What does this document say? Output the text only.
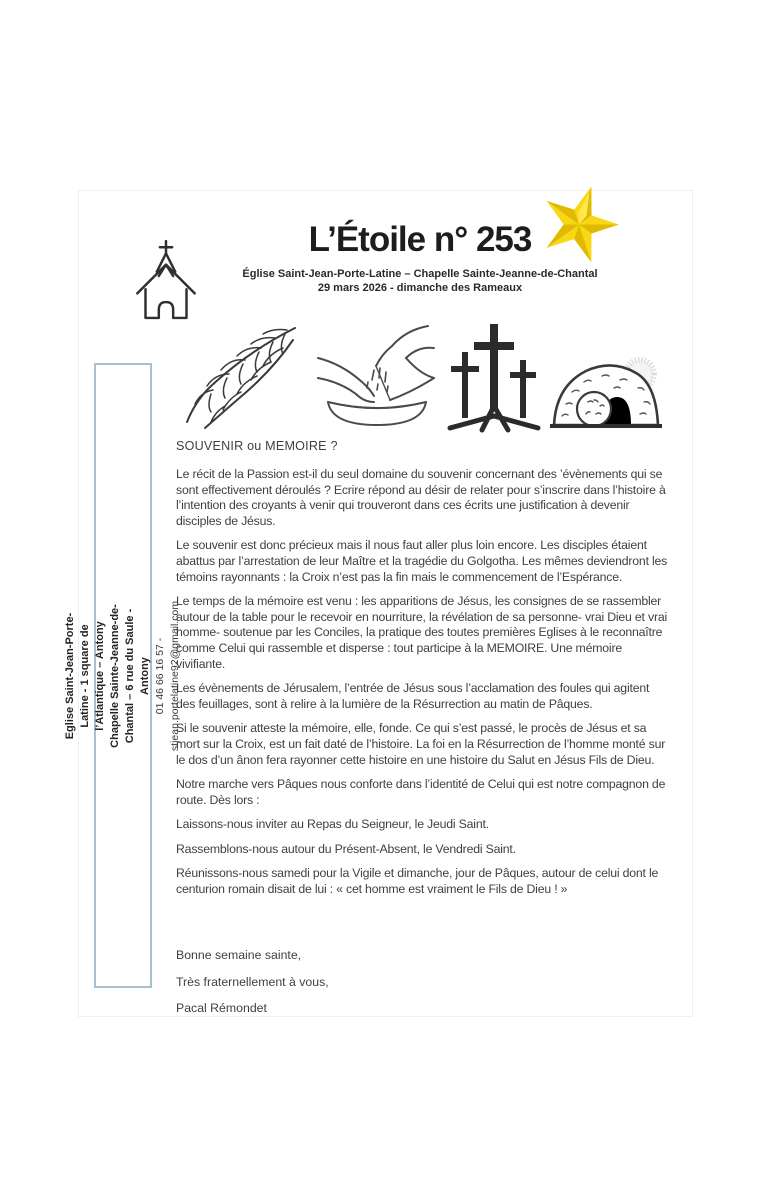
L’Étoile n° 253

Église Saint-Jean-Porte-Latine – Chapelle Sainte-Jeanne-de-Chantal

29 mars 2026 - dimanche des Rameaux

Eglise Saint-Jean-Porte-Latine - 1 square de l’Atlantique – Antony Chapelle Sainte-Jeanne-de-Chantal – 6 rue du Saule - Antony 01 46 66 16 57 - stjean.portelatine92@gmail.com

SOUVENIR ou MEMOIRE ?

Le récit de la Passion est-il du seul domaine du souvenir concernant des ’évènements qui se sont effectivement déroulés ? Ecrire répond au désir de relater pour s’inscrire dans l’histoire à l’intention des croyants à venir qui trouveront dans ces écrits une justification à devenir disciples de Jésus.

Le souvenir est donc précieux mais il nous faut aller plus loin encore. Les disciples étaient abattus par l’arrestation de leur Maître et la tragédie du Golgotha. Les mêmes deviendront les témoins rayonnants : la Croix n’est pas la fin mais le commencement de l’Espérance.

Le temps de la mémoire est venu : les apparitions de Jésus, les consignes de se rassembler autour de la table pour le recevoir en nourriture, la révélation de sa personne- vrai Dieu et vrai homme- soutenue par les Conciles, la pratique des toutes premières Eglises à le reconnaître comme Celui qui rassemble et disperse : tout participe à la MEMOIRE. Une mémoire vivifiante.

Les évènements de Jérusalem, l’entrée de Jésus sous l’acclamation des foules qui agitent des feuillages, sont à relire à la lumière de la Résurrection au matin de Pâques.

Si le souvenir atteste la mémoire, elle, fonde. Ce qui s’est passé, le procès de Jésus et sa mort sur la Croix, est un fait daté de l’histoire. La foi en la Résurrection de l’homme monté sur le dos d’un ânon fera rayonner cette histoire en une histoire du Salut en Jésus Fils de Dieu.

Notre marche vers Pâques nous conforte dans l’identité de Celui qui est notre compagnon de route. Dès lors :

Laissons-nous inviter au Repas du Seigneur, le Jeudi Saint.

Rassemblons-nous autour du Présent-Absent, le Vendredi Saint.

Réunissons-nous samedi pour la Vigile et dimanche, jour de Pâques, autour de celui dont le centurion romain disait de lui : « cet homme est vraiment le Fils de Dieu ! »

Bonne semaine sainte,

Très fraternellement à vous,

Pacal Rémondet
